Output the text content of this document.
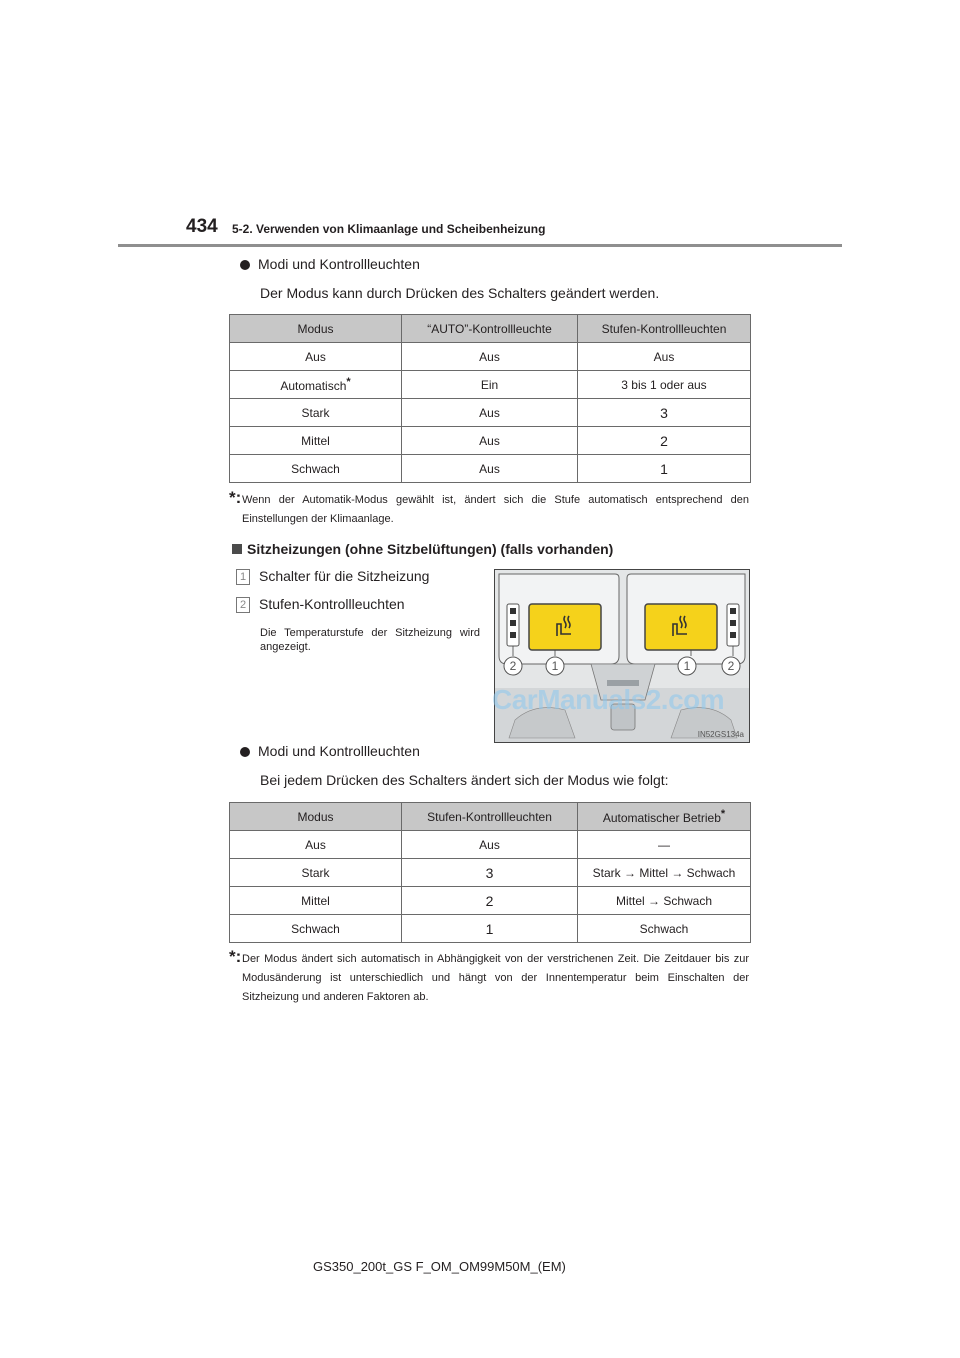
434 5-2. Verwenden von Klimaanlage und Scheibenheizung
Modi und Kontrollleuchten
Der Modus kann durch Drücken des Schalters geändert werden.
Modus	“AUTO”-Kontrollleuchte	Stufen-Kontrollleuchten
Aus	Aus	Aus
Automatisch*	Ein	3 bis 1 oder aus
Stark	Aus	3
Mittel	Aus	2
Schwach	Aus	1
*: Wenn der Automatik-Modus gewählt ist, ändert sich die Stufe automatisch entsprechend den Einstellungen der Klimaanlage.
Sitzheizungen (ohne Sitzbelüftungen) (falls vorhanden)
1 Schalter für die Sitzheizung
2 Stufen-Kontrollleuchten
Die Temperaturstufe der Sitzheizung wird angezeigt.
2	1	1	2
IN52GS134a
CarManuals2.com
Modi und Kontrollleuchten
Bei jedem Drücken des Schalters ändert sich der Modus wie folgt:
Modus	Stufen-Kontrollleuchten	Automatischer Betrieb*
Aus	Aus	—
Stark	3	Stark → Mittel → Schwach
Mittel	2	Mittel → Schwach
Schwach	1	Schwach
*: Der Modus ändert sich automatisch in Abhängigkeit von der verstrichenen Zeit. Die Zeitdauer bis zur Modusänderung ist unterschiedlich und hängt von der Innentemperatur beim Einschalten der Sitzheizung und anderen Faktoren ab.
GS350_200t_GS F_OM_OM99M50M_(EM)
